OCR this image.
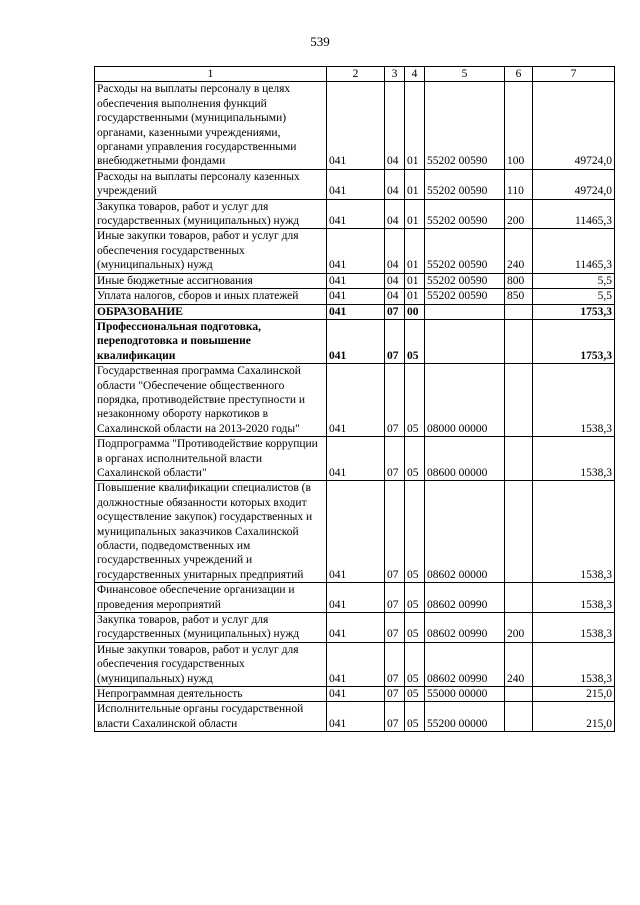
539
1	2	3	4	5	6	7
Расходы на выплаты персоналу в целях обеспечения выполнения функций государственными (муниципальными) органами, казенными учреждениями, органами управления государственными внебюджетными фондами	041	04	01	55202 00590	100	49724,0
Расходы на выплаты персоналу казенных учреждений	041	04	01	55202 00590	110	49724,0
Закупка товаров, работ и услуг для государственных (муниципальных) нужд	041	04	01	55202 00590	200	11465,3
Иные закупки товаров, работ и услуг для обеспечения государственных (муниципальных) нужд	041	04	01	55202 00590	240	11465,3
Иные бюджетные ассигнования	041	04	01	55202 00590	800	5,5
Уплата налогов, сборов и иных платежей	041	04	01	55202 00590	850	5,5
ОБРАЗОВАНИЕ	041	07	00			1753,3
Профессиональная подготовка, переподготовка и повышение квалификации	041	07	05			1753,3
Государственная программа Сахалинской области "Обеспечение общественного порядка, противодействие преступности и незаконному обороту наркотиков в Сахалинской области на 2013-2020 годы"	041	07	05	08000 00000		1538,3
Подпрограмма "Противодействие коррупции в органах исполнительной власти Сахалинской области"	041	07	05	08600 00000		1538,3
Повышение квалификации специалистов (в должностные обязанности которых входит осуществление закупок) государственных и муниципальных заказчиков Сахалинской области, подведомственных им государственных учреждений и государственных унитарных предприятий	041	07	05	08602 00000		1538,3
Финансовое обеспечение организации и проведения мероприятий	041	07	05	08602 00990		1538,3
Закупка товаров, работ и услуг для государственных (муниципальных) нужд	041	07	05	08602 00990	200	1538,3
Иные закупки товаров, работ и услуг для обеспечения государственных (муниципальных) нужд	041	07	05	08602 00990	240	1538,3
Непрограммная деятельность	041	07	05	55000 00000		215,0
Исполнительные органы государственной власти Сахалинской области	041	07	05	55200 00000		215,0
